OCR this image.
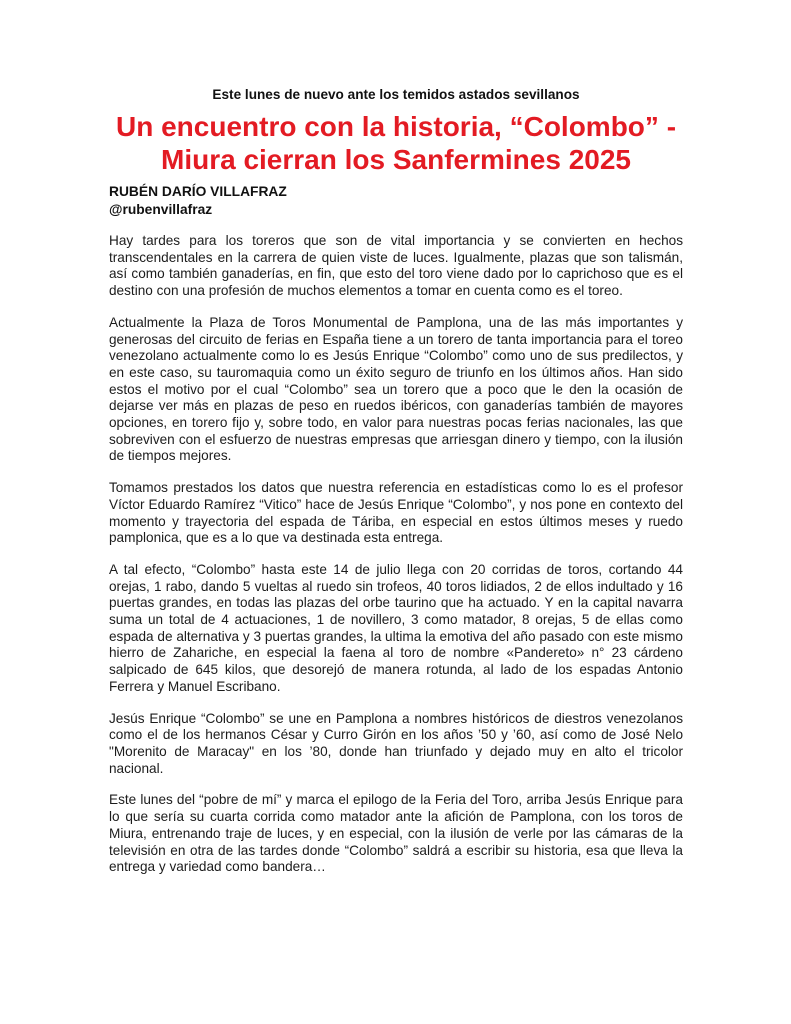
Este lunes de nuevo ante los temidos astados sevillanos
Un encuentro con la historia, “Colombo” -
Miura cierran los Sanfermines 2025
RUBÉN DARÍO VILLAFRAZ
@rubenvillafraz

Hay tardes para los toreros que son de vital importancia y se convierten en hechos transcendentales en la carrera de quien viste de luces. Igualmente, plazas que son talismán, así como también ganaderías, en fin, que esto del toro viene dado por lo caprichoso que es el destino con una profesión de muchos elementos a tomar en cuenta como es el toreo.

Actualmente la Plaza de Toros Monumental de Pamplona, una de las más importantes y generosas del circuito de ferias en España tiene a un torero de tanta importancia para el toreo venezolano actualmente como lo es Jesús Enrique “Colombo” como uno de sus predilectos, y en este caso, su tauromaquia como un éxito seguro de triunfo en los últimos años. Han sido estos el motivo por el cual “Colombo” sea un torero que a poco que le den la ocasión de dejarse ver más en plazas de peso en ruedos ibéricos, con ganaderías también de mayores opciones, en torero fijo y, sobre todo, en valor para nuestras pocas ferias nacionales, las que sobreviven con el esfuerzo de nuestras empresas que arriesgan dinero y tiempo, con la ilusión de tiempos mejores.

Tomamos prestados los datos que nuestra referencia en estadísticas como lo es el profesor Víctor Eduardo Ramírez “Vitico” hace de Jesús Enrique “Colombo”, y nos pone en contexto del momento y trayectoria del espada de Táriba, en especial en estos últimos meses y ruedo pamplonica, que es a lo que va destinada esta entrega.

A tal efecto, “Colombo” hasta este 14 de julio llega con 20 corridas de toros, cortando 44 orejas, 1 rabo, dando 5 vueltas al ruedo sin trofeos, 40 toros lidiados, 2 de ellos indultado y 16 puertas grandes, en todas las plazas del orbe taurino que ha actuado. Y en la capital navarra suma un total de 4 actuaciones, 1 de novillero, 3 como matador, 8 orejas, 5 de ellas como espada de alternativa y 3 puertas grandes, la ultima la emotiva del año pasado con este mismo hierro de Zahariche, en especial la faena al toro de nombre «Pandereto» n° 23 cárdeno salpicado de 645 kilos, que desorejó de manera rotunda, al lado de los espadas Antonio Ferrera y Manuel Escribano.

Jesús Enrique “Colombo” se une en Pamplona a nombres históricos de diestros venezolanos como el de los hermanos César y Curro Girón en los años ’50 y ’60, así como de José Nelo "Morenito de Maracay" en los ’80, donde han triunfado y dejado muy en alto el tricolor nacional.

Este lunes del “pobre de mí” y marca el epilogo de la Feria del Toro, arriba Jesús Enrique para lo que sería su cuarta corrida como matador ante la afición de Pamplona, con los toros de Miura, entrenando traje de luces, y en especial, con la ilusión de verle por las cámaras de la televisión en otra de las tardes donde “Colombo” saldrá a escribir su historia, esa que lleva la entrega y variedad como bandera…
